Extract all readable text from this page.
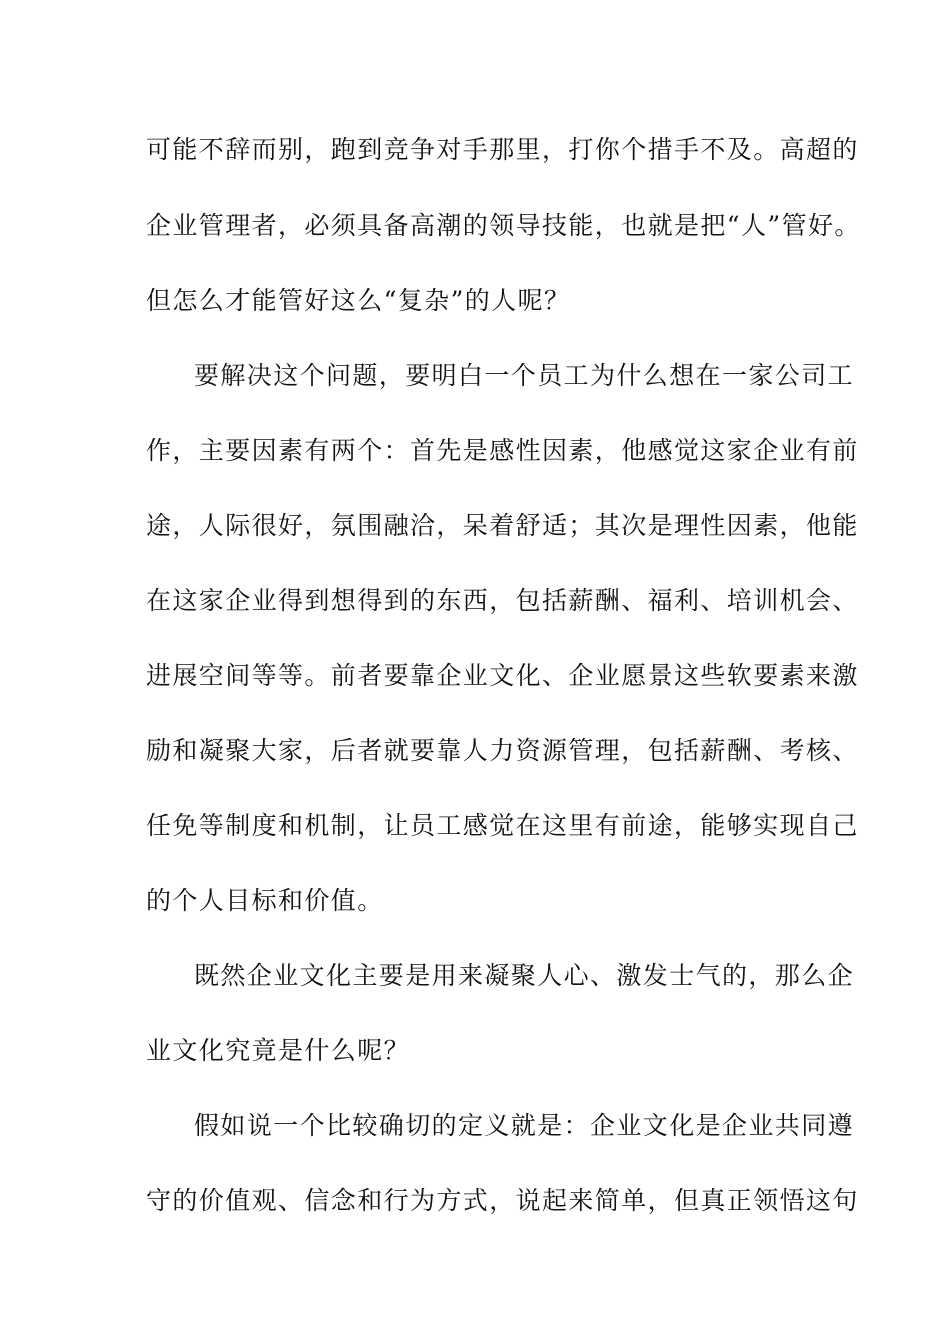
可能不辞而别，跑到竞争对手那里，打你个措手不及。高超的
企业管理者，必须具备高潮的领导技能，也就是把“人”管好。
但怎么才能管好这么“复杂”的人呢？
要解决这个问题，要明白一个员工为什么想在一家公司工
作，主要因素有两个：首先是感性因素，他感觉这家企业有前
途，人际很好，氛围融洽，呆着舒适；其次是理性因素，他能
在这家企业得到想得到的东西，包括薪酬、福利、培训机会、
进展空间等等。前者要靠企业文化、企业愿景这些软要素来激
励和凝聚大家，后者就要靠人力资源管理，包括薪酬、考核、
任免等制度和机制，让员工感觉在这里有前途，能够实现自己
的个人目标和价值。
既然企业文化主要是用来凝聚人心、激发士气的，那么企
业文化究竟是什么呢？
假如说一个比较确切的定义就是：企业文化是企业共同遵
守的价值观、信念和行为方式，说起来简单，但真正领悟这句
